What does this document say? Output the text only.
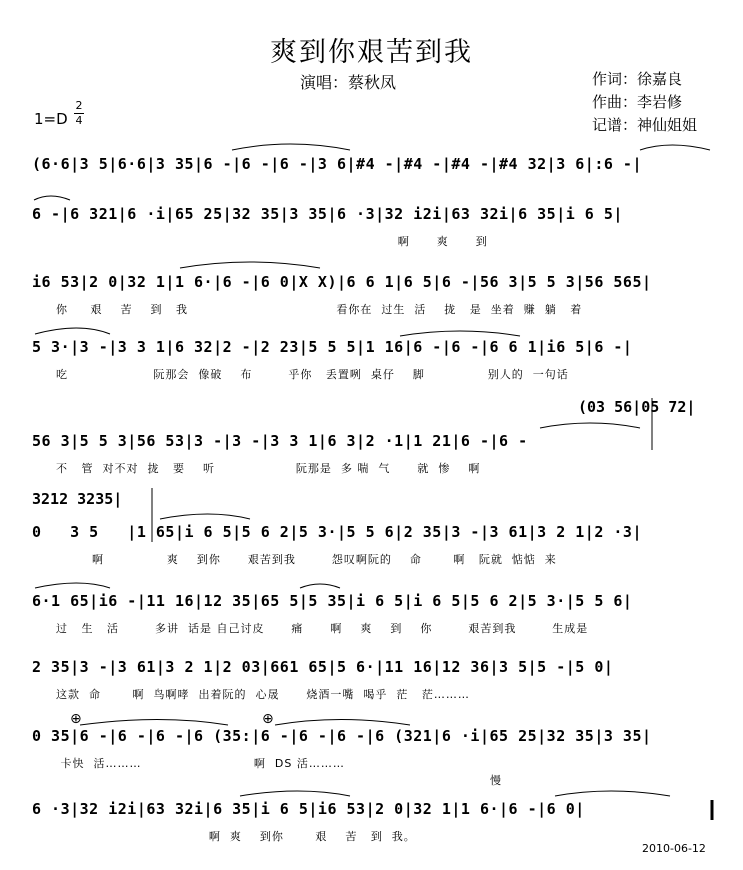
爽到你艰苦到我
演唱：蔡秋凤	作词：徐嘉良
作曲：李岩修
记谱：神仙姐姐
1=D
2
4
(6·6|3 5|6·6|3 35|6 -|6 -|6 -|3 6|#4 -|#4 -|#4 -|#4 32|3 6|:6 -|
6 -|6 321|6 ·i|65 25|32 35|3 35|6 ·3|32 i2i|63 32i|6 35|i 6 5|
啊      爽      到
i6 53|2 0|32 1|1 6·|6 -|6 0|X X)|6 6 1|6 5|6 -|56 3|5 5 3|56 565|
你     艰    苦    到   我                                 看你在  过生  活    拢   是  坐着  赚  躺   着
5 3·|3 -|3 3 1|6 32|2 -|2 23|5 5 5|1 16|6 -|6 -|6 6 1|i6 5|6 -|
吃                   阮那会  像破    布        乎你   丢置咧  桌仔    脚              别人的  一句话
(03 56|05 72|
56 3|5 5 3|56 53|3 -|3 -|3 3 1|6 3|2 ·1|1 21|6 -|6 -
不   管  对不对  拢   要    听                  阮那是  多 喘  气      就  惨    啊
3212 3235|
0   3 5   |1 65|i 6 5|5 6 2|5 3·|5 5 6|2 35|3 -|3 61|3 2 1|2 ·3|
啊              爽    到你      艰苦到我        怨叹啊阮的    命       啊   阮就  惦惦  来
6·1 65|i6 -|11 16|12 35|65 5|5 35|i 6 5|i 6 5|5 6 2|5 3·|5 5 6|
过   生   活        多讲  话是 自己讨皮      痛      啊    爽    到    你        艰苦到我        生成是
2 35|3 -|3 61|3 2 1|2 03|661 65|5 6·|11 16|12 36|3 5|5 -|5 0|
这款  命       啊  鸟啊哮  出着阮的  心晟      烧酒一嘴  喝乎  茫   茫………
⊕	⊕
0 35|6 -|6 -|6 -|6 (35:|6 -|6 -|6 -|6 (321|6 ·i|65 25|32 35|3 35|
卡快  活………                         啊  DS 活………
慢
6 ·3|32 i2i|63 32i|6 35|i 6 5|i6 53|2 0|32 1|1 6·|6 -|6 0|
啊  爽    到你       艰    苦   到  我。
2010-06-12
